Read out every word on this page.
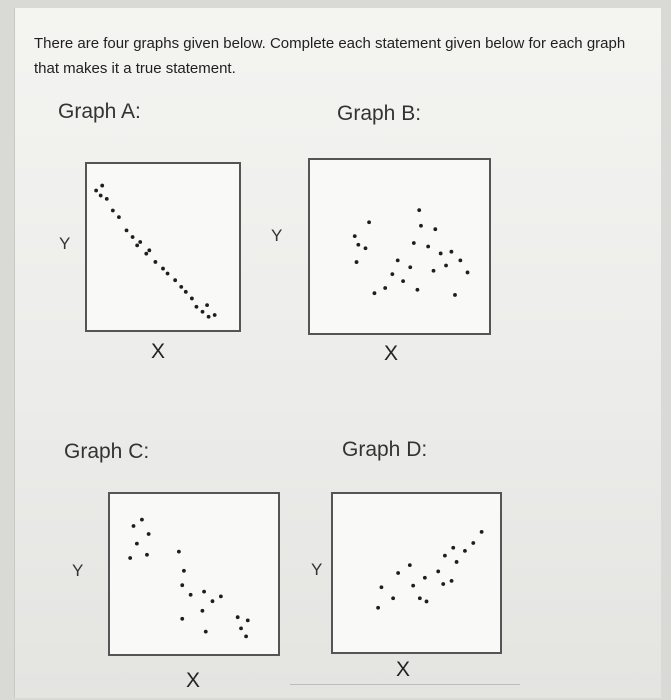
There are four graphs given below. Complete each statement given below for each graph that makes it a true statement.

Graph A:
Y
X
Graph B:
Y
X
Graph C:
Y
X
Graph D:
Y
X
